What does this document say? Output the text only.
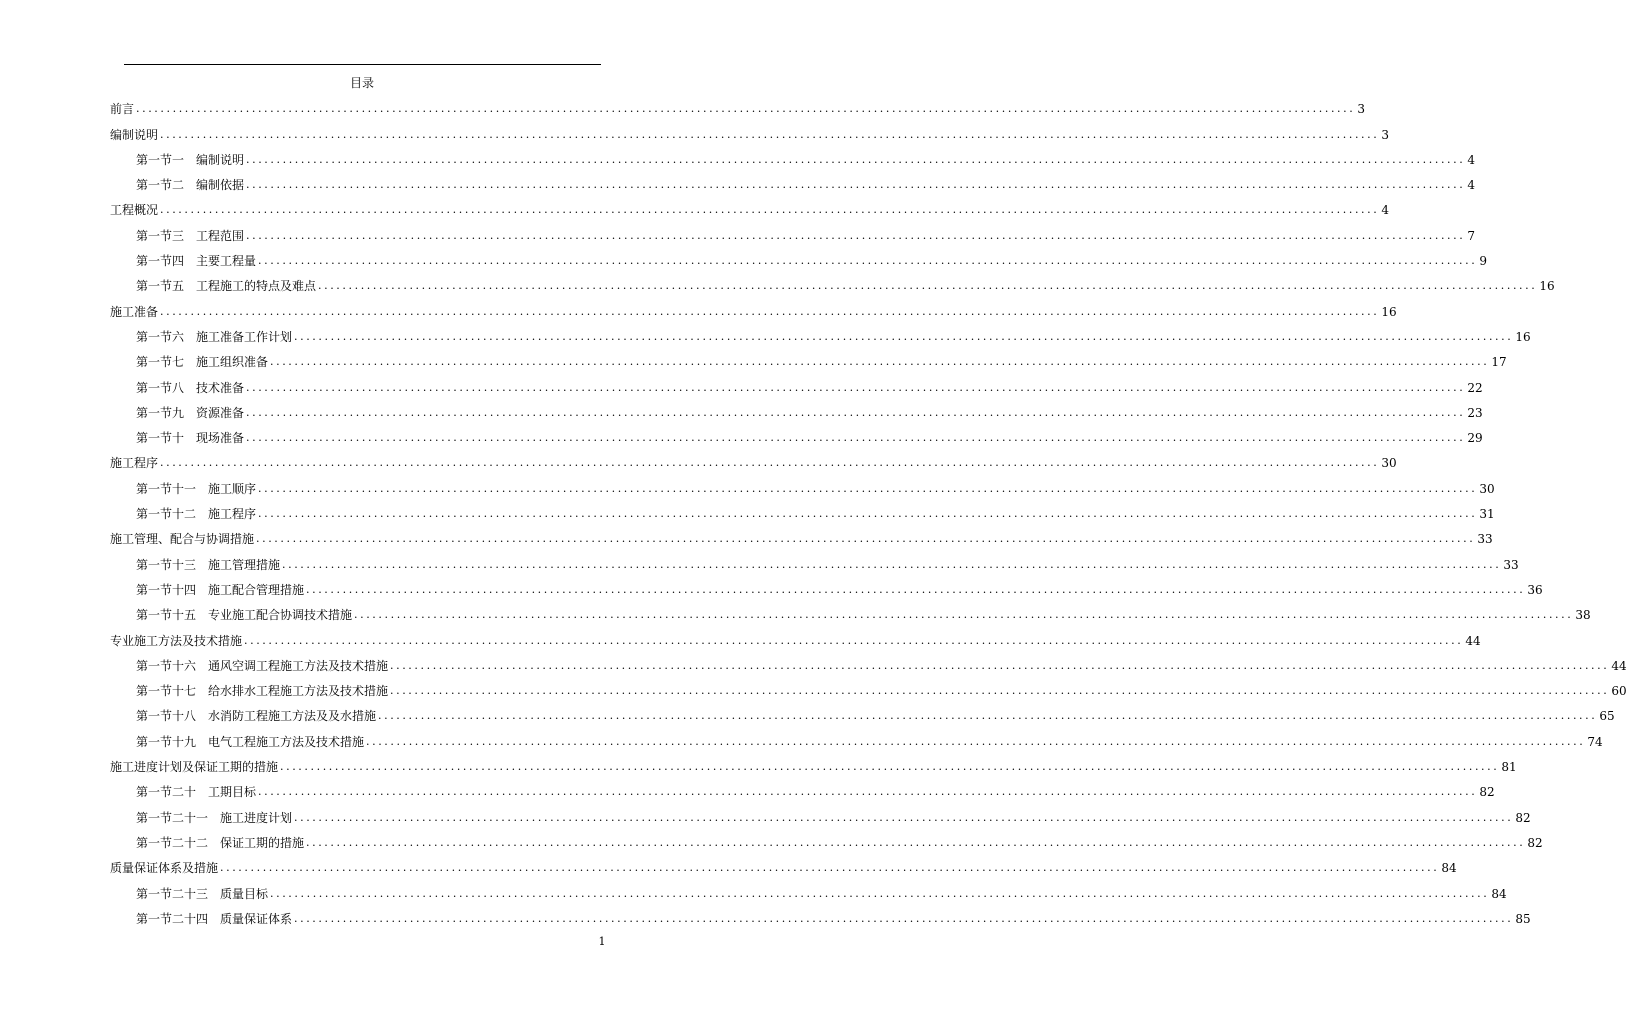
目录
前言 ........................................................................................................................................................................................................ 3
编制说明 ........................................................................................................................................................................................................ 3
第一节一　编制说明 ........................................................................................................................................................................................................ 4
第一节二　编制依据 ........................................................................................................................................................................................................ 4
工程概况 ........................................................................................................................................................................................................ 4
第一节三　工程范围 ........................................................................................................................................................................................................ 7
第一节四　主要工程量 ........................................................................................................................................................................................................ 9
第一节五　工程施工的特点及难点 ........................................................................................................................................................................................................ 16
施工准备 ........................................................................................................................................................................................................ 16
第一节六　施工准备工作计划 ........................................................................................................................................................................................................ 16
第一节七　施工组织准备 ........................................................................................................................................................................................................ 17
第一节八　技术准备 ........................................................................................................................................................................................................ 22
第一节九　资源准备 ........................................................................................................................................................................................................ 23
第一节十　现场准备 ........................................................................................................................................................................................................ 29
施工程序 ........................................................................................................................................................................................................ 30
第一节十一　施工顺序 ........................................................................................................................................................................................................ 30
第一节十二　施工程序 ........................................................................................................................................................................................................ 31
施工管理、配合与协调措施 ........................................................................................................................................................................................................ 33
第一节十三　施工管理措施 ........................................................................................................................................................................................................ 33
第一节十四　施工配合管理措施 ........................................................................................................................................................................................................ 36
第一节十五　专业施工配合协调技术措施 ........................................................................................................................................................................................................ 38
专业施工方法及技术措施 ........................................................................................................................................................................................................ 44
第一节十六　通风空调工程施工方法及技术措施 ........................................................................................................................................................................................................ 44
第一节十七　给水排水工程施工方法及技术措施 ........................................................................................................................................................................................................ 60
第一节十八　水消防工程施工方法及及水措施 ........................................................................................................................................................................................................ 65
第一节十九　电气工程施工方法及技术措施 ........................................................................................................................................................................................................ 74
施工进度计划及保证工期的措施 ........................................................................................................................................................................................................ 81
第一节二十　工期目标 ........................................................................................................................................................................................................ 82
第一节二十一　施工进度计划 ........................................................................................................................................................................................................ 82
第一节二十二　保证工期的措施 ........................................................................................................................................................................................................ 82
质量保证体系及措施 ........................................................................................................................................................................................................ 84
第一节二十三　质量目标 ........................................................................................................................................................................................................ 84
第一节二十四　质量保证体系 ........................................................................................................................................................................................................ 85
1
